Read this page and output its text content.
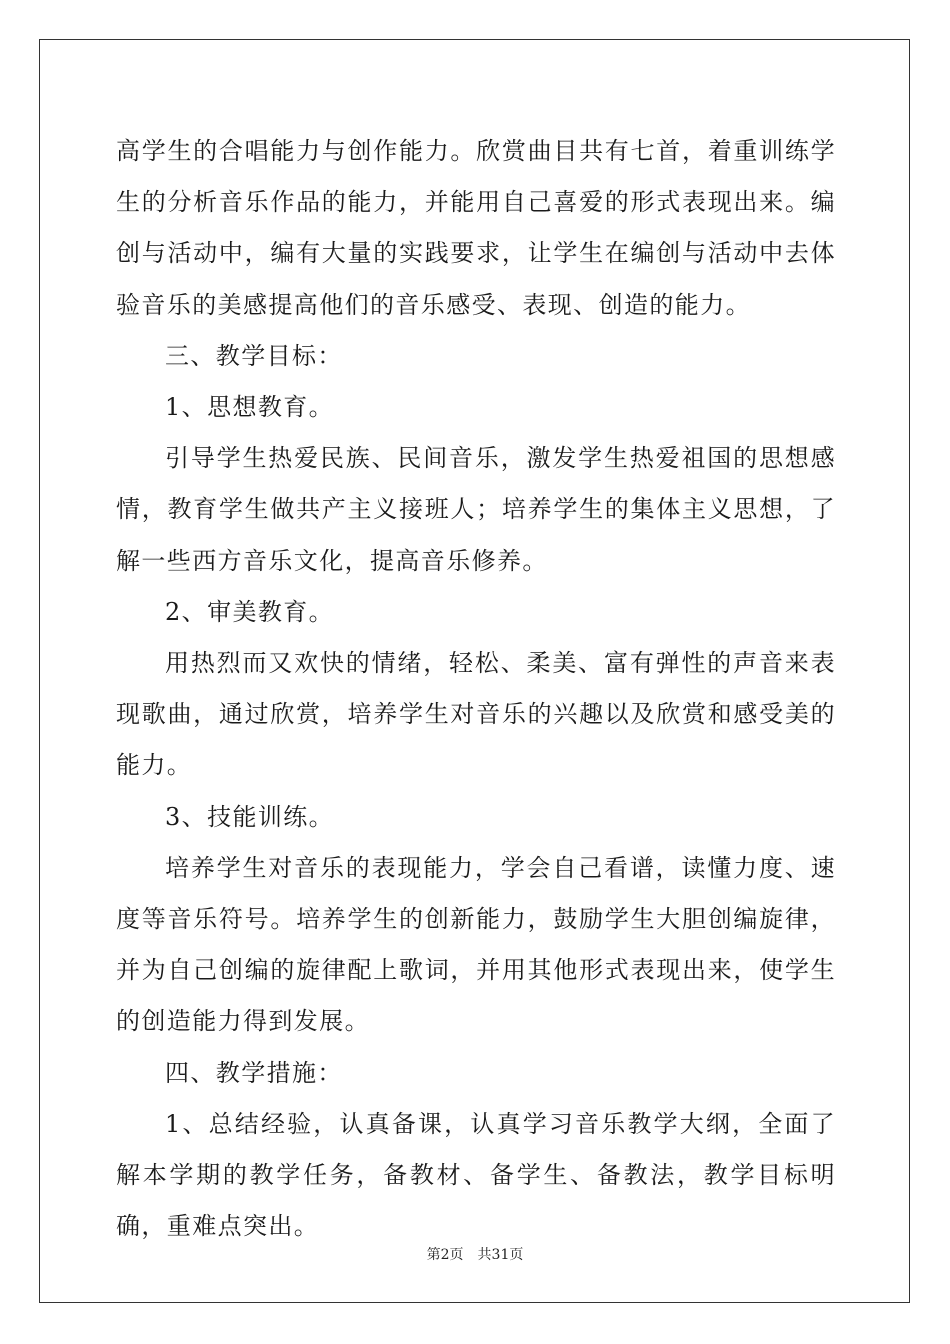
高学生的合唱能力与创作能力。欣赏曲目共有七首，着重训练学生的分析音乐作品的能力，并能用自己喜爱的形式表现出来。编创与活动中，编有大量的实践要求，让学生在编创与活动中去体验音乐的美感提高他们的音乐感受、表现、创造的能力。

三、教学目标：

1、思想教育。

引导学生热爱民族、民间音乐，激发学生热爱祖国的思想感情，教育学生做共产主义接班人；培养学生的集体主义思想，了解一些西方音乐文化，提高音乐修养。

2、审美教育。

用热烈而又欢快的情绪，轻松、柔美、富有弹性的声音来表现歌曲，通过欣赏，培养学生对音乐的兴趣以及欣赏和感受美的能力。

3、技能训练。

培养学生对音乐的表现能力，学会自己看谱，读懂力度、速度等音乐符号。培养学生的创新能力，鼓励学生大胆创编旋律，并为自己创编的旋律配上歌词，并用其他形式表现出来，使学生的创造能力得到发展。

四、教学措施：

1、总结经验，认真备课，认真学习音乐教学大纲，全面了解本学期的教学任务，备教材、备学生、备教法，教学目标明确，重难点突出。

第2页 共31页
